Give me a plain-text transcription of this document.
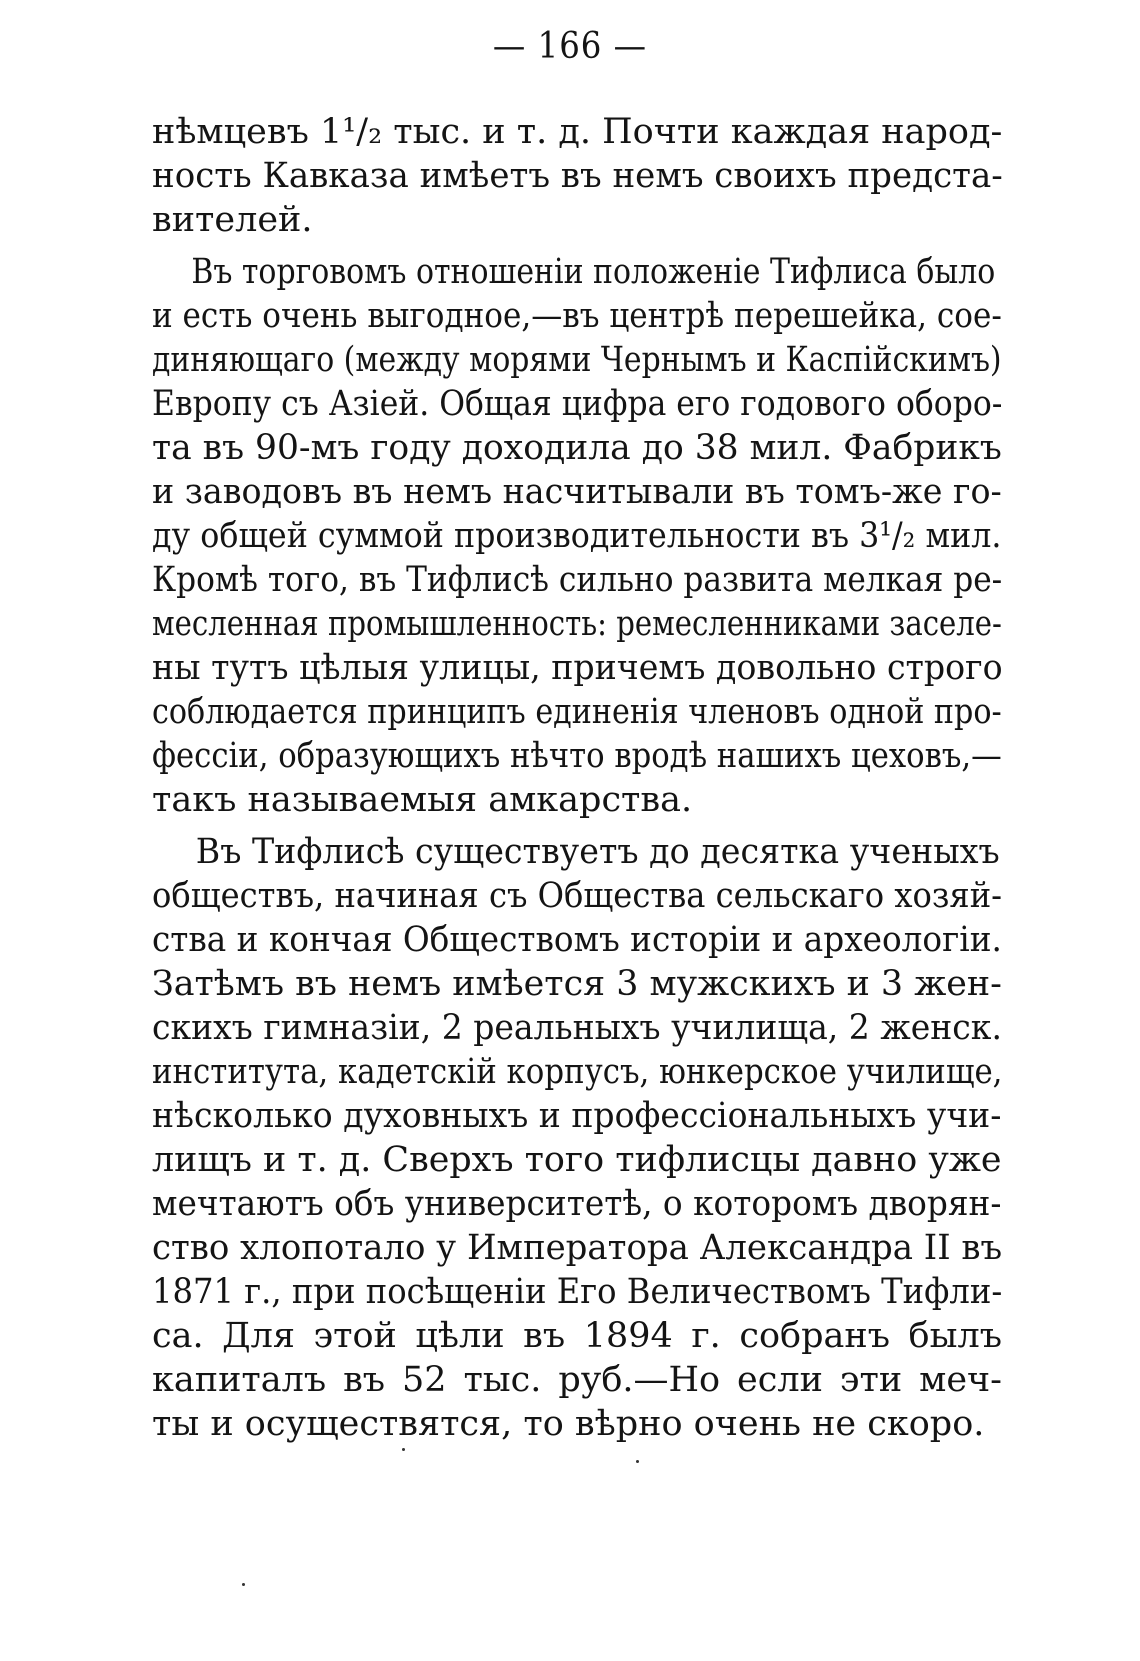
— 166 —
нѣмцевъ 1¹/₂ тыс. и т. д. Почти каждая народ-
ность Кавказа имѣетъ въ немъ своихъ предста-
вителей.
Въ торговомъ отношеніи положеніе Тифлиса было
и есть очень выгодное,—въ центрѣ перешейка, сое-
диняющаго (между морями Чернымъ и Каспійскимъ)
Европу съ Азіей. Общая цифра его годового оборо-
та въ 90-мъ году доходила до 38 мил. Фабрикъ
и заводовъ въ немъ насчитывали въ томъ-же го-
ду общей суммой производительности въ 3¹/₂ мил.
Кромѣ того, въ Тифлисѣ сильно развита мелкая ре-
месленная промышленность: ремесленниками заселе-
ны тутъ цѣлыя улицы, причемъ довольно строго
соблюдается принципъ единенія членовъ одной про-
фессіи, образующихъ нѣчто вродѣ нашихъ цеховъ,—
такъ называемыя амкарства.
Въ Тифлисѣ существуетъ до десятка ученыхъ
обществъ, начиная съ Общества сельскаго хозяй-
ства и кончая Обществомъ исторіи и археологіи.
Затѣмъ въ немъ имѣется 3 мужскихъ и 3 жен-
скихъ гимназіи, 2 реальныхъ училища, 2 женск.
института, кадетскій корпусъ, юнкерское училище,
нѣсколько духовныхъ и профессіональныхъ учи-
лищъ и т. д. Сверхъ того тифлисцы давно уже
мечтаютъ объ университетѣ, о которомъ дворян-
ство хлопотало у Императора Александра II въ
1871 г., при посѣщеніи Его Величествомъ Тифли-
са. Для этой цѣли въ 1894 г. собранъ былъ
капиталъ въ 52 тыс. руб.—Но если эти меч-
ты и осуществятся, то вѣрно очень не скоро.
